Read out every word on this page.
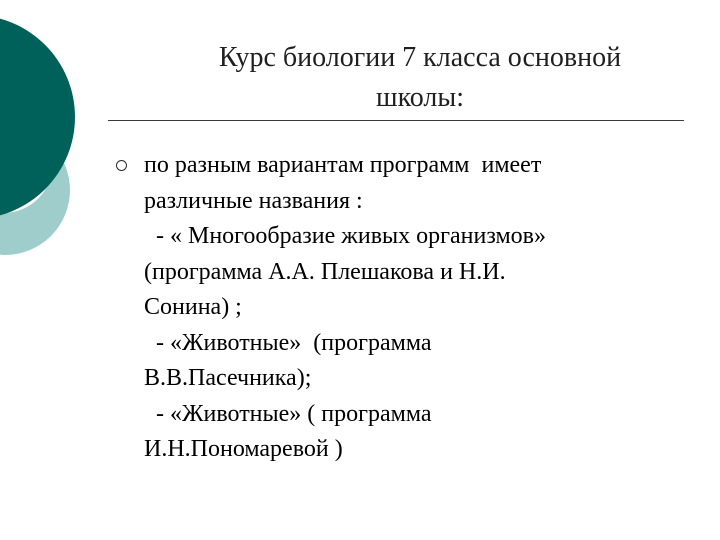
Курс биологии 7 класса основной
школы:
по разным вариантам программ  имеет
различные названия :
- « Многообразие живых организмов»
(программа А.А. Плешакова и Н.И.
Сонина) ;
- «Животные»  (программа
В.В.Пасечника);
- «Животные» ( программа
И.Н.Пономаревой )
